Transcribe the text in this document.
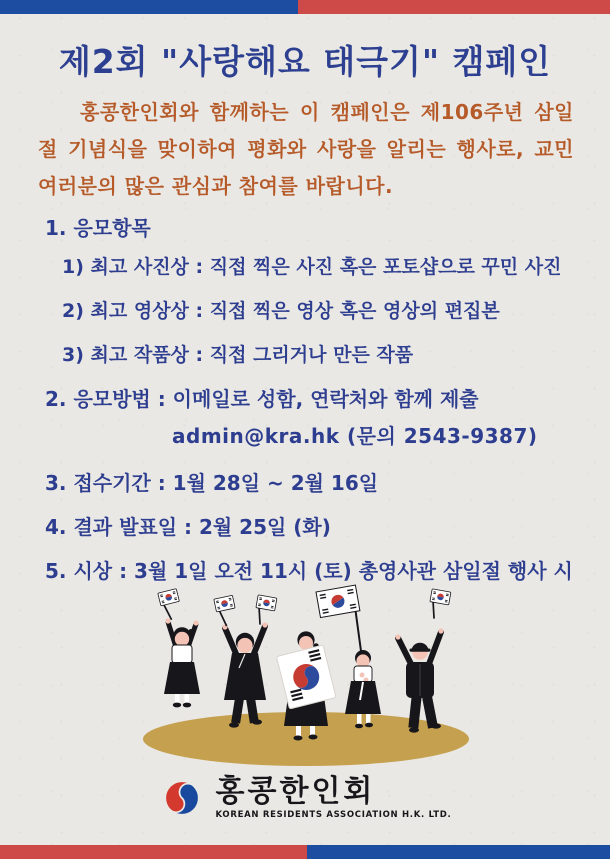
제2회 "사랑해요 태극기" 캠페인
홍콩한인회와 함께하는 이 캠페인은 제106주년 삼일절 기념식을 맞이하여 평화와 사랑을 알리는 행사로, 교민 여러분의 많은 관심과 참여를 바랍니다.
1. 응모항목
1) 최고 사진상 : 직접 찍은 사진 혹은 포토샵으로 꾸민 사진
2) 최고 영상상 : 직접 찍은 영상 혹은 영상의 편집본
3) 최고 작품상 : 직접 그리거나 만든 작품
2. 응모방법 : 이메일로 성함, 연락처와 함께 제출
admin@kra.hk (문의 2543-9387)
3. 접수기간 : 1월 28일 ~ 2월 16일
4. 결과 발표일 : 2월 25일 (화)
5. 시상 : 3월 1일 오전 11시 (토) 총영사관 삼일절 행사 시
홍콩한인회
KOREAN RESIDENTS ASSOCIATION H.K. LTD.
